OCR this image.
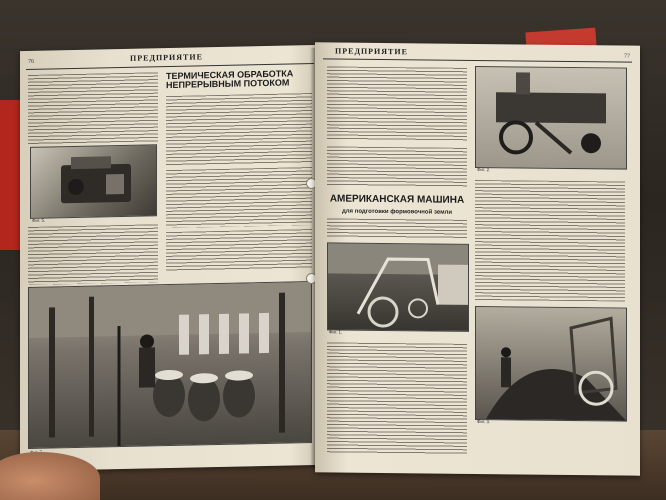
76	ПРЕДПРИЯТИЕ
ТЕРМИЧЕСКАЯ ОБРАБОТКА НЕПРЕРЫВНЫМ ПОТОКОМ
Фиг. 5.
ПРЕДПРИЯТИЕ
77
Фиг. 2.
АМЕРИКАНСКАЯ МАШИНА
для подготовки формовочной земли
Фиг. 1.
Фиг. 3.
